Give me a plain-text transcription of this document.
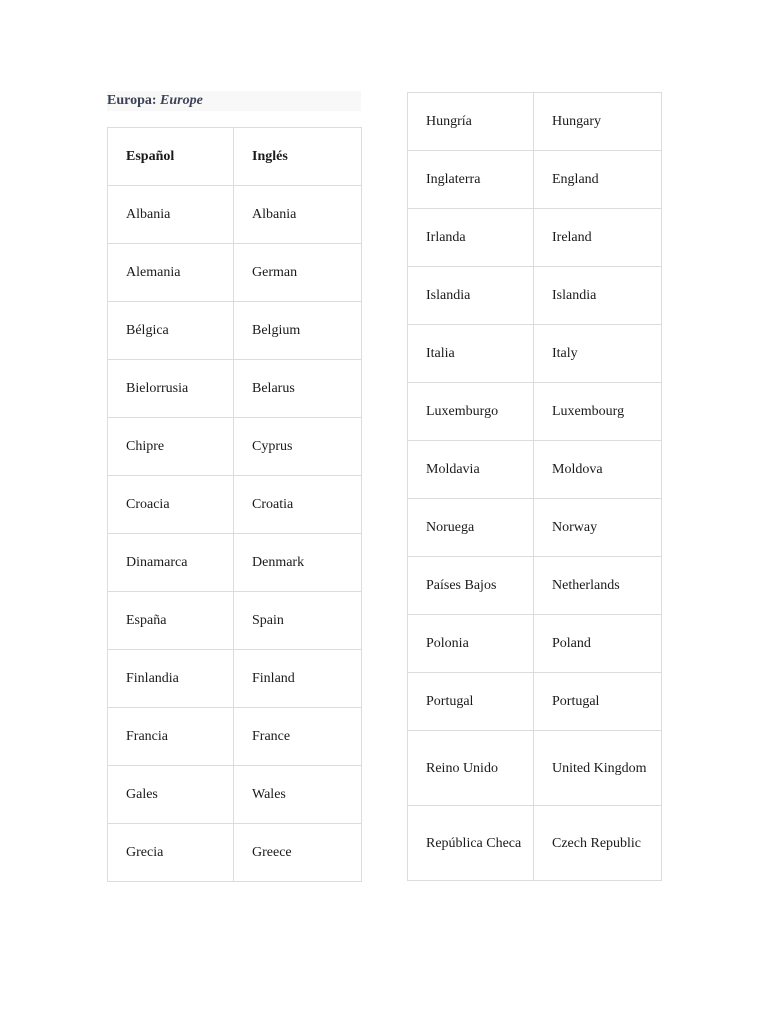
Europa: Europe
Español	Inglés
Albania	Albania
Alemania	German
Bélgica	Belgium
Bielorrusia	Belarus
Chipre	Cyprus
Croacia	Croatia
Dinamarca	Denmark
España	Spain
Finlandia	Finland
Francia	France
Gales	Wales
Grecia	Greece
Hungría	Hungary
Inglaterra	England
Irlanda	Ireland
Islandia	Islandia
Italia	Italy
Luxemburgo	Luxembourg
Moldavia	Moldova
Noruega	Norway
Países Bajos	Netherlands
Polonia	Poland
Portugal	Portugal
Reino Unido	United Kingdom
República Checa	Czech Republic
